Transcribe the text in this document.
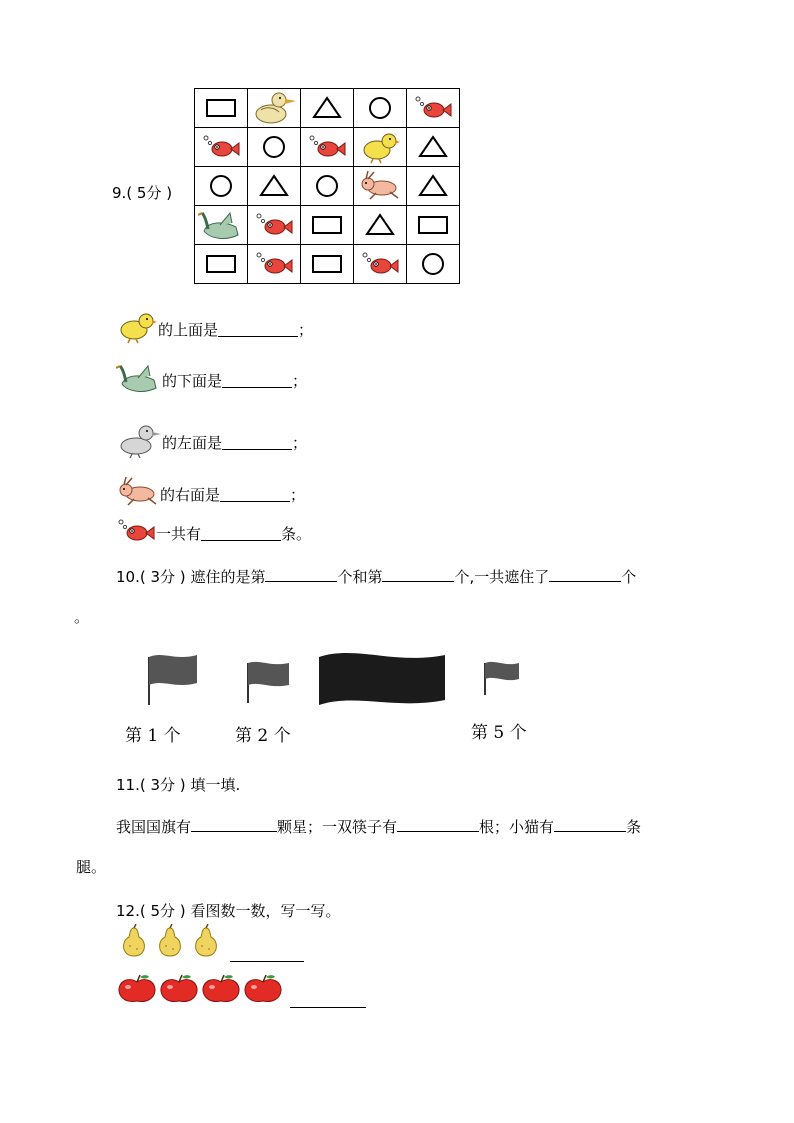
9.( 5分 )

的上面是	；
的下面是	；
的左面是	；
的右面是	；
一共有	条。
10.( 3分 ) 遮住的是第	个和第	个,一共遮住了	个
。
第 1 个	第 2 个	第 5 个
11.( 3分 ) 填一填.
我国国旗有	颗星；一双筷子有	根；小猫有	条
腿。
12.( 5分 ) 看图数一数，写一写。
